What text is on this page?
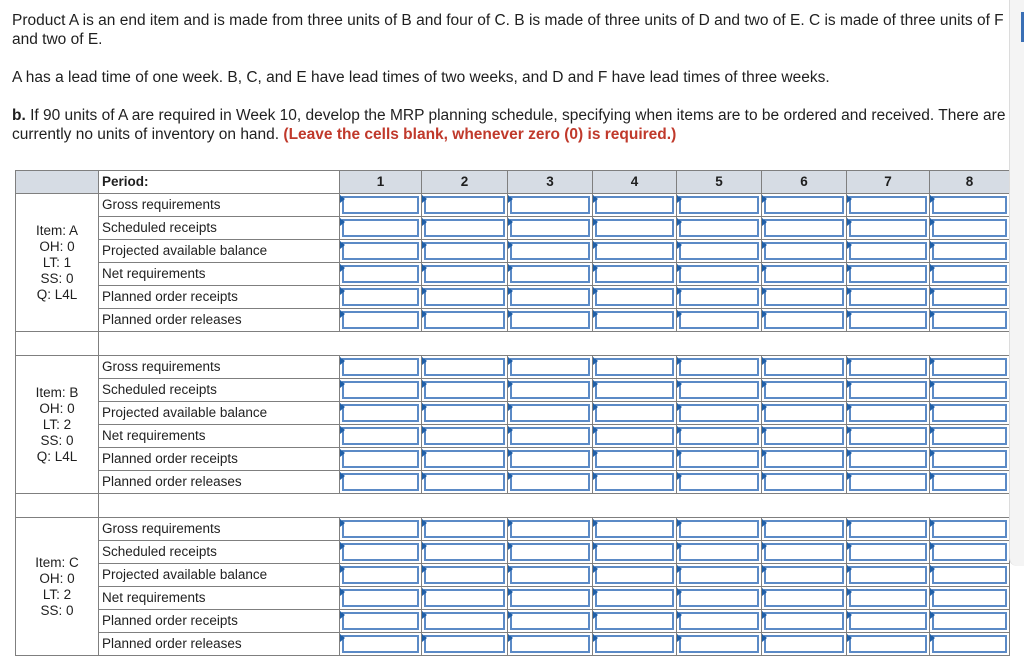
Product A is an end item and is made from three units of B and four of C. B is made of three units of D and two of E. C is made of three units of F and two of E.

A has a lead time of one week. B, C, and E have lead times of two weeks, and D and F have lead times of three weeks.

b. If 90 units of A are required in Week 10, develop the MRP planning schedule, specifying when items are to be ordered and received. There are currently no units of inventory on hand. (Leave the cells blank, whenever zero (0) is required.)

	Period:	1	2	3	4	5	6	7	8

Item: A
OH: 0
LT: 1
SS: 0
Q: L4L	Gross requirements	

	Scheduled receipts	

	Projected available balance	

	Net requirements	

	Planned order receipts	

	Planned order releases	

Item: B
OH: 0
LT: 2
SS: 0
Q: L4L	Gross requirements	

	Scheduled receipts	

	Projected available balance	

	Net requirements	

	Planned order receipts	

	Planned order releases	

Item: C
OH: 0
LT: 2
SS: 0	Gross requirements	

	Scheduled receipts	

	Projected available balance	

	Net requirements	

	Planned order receipts	

	Planned order releases	
